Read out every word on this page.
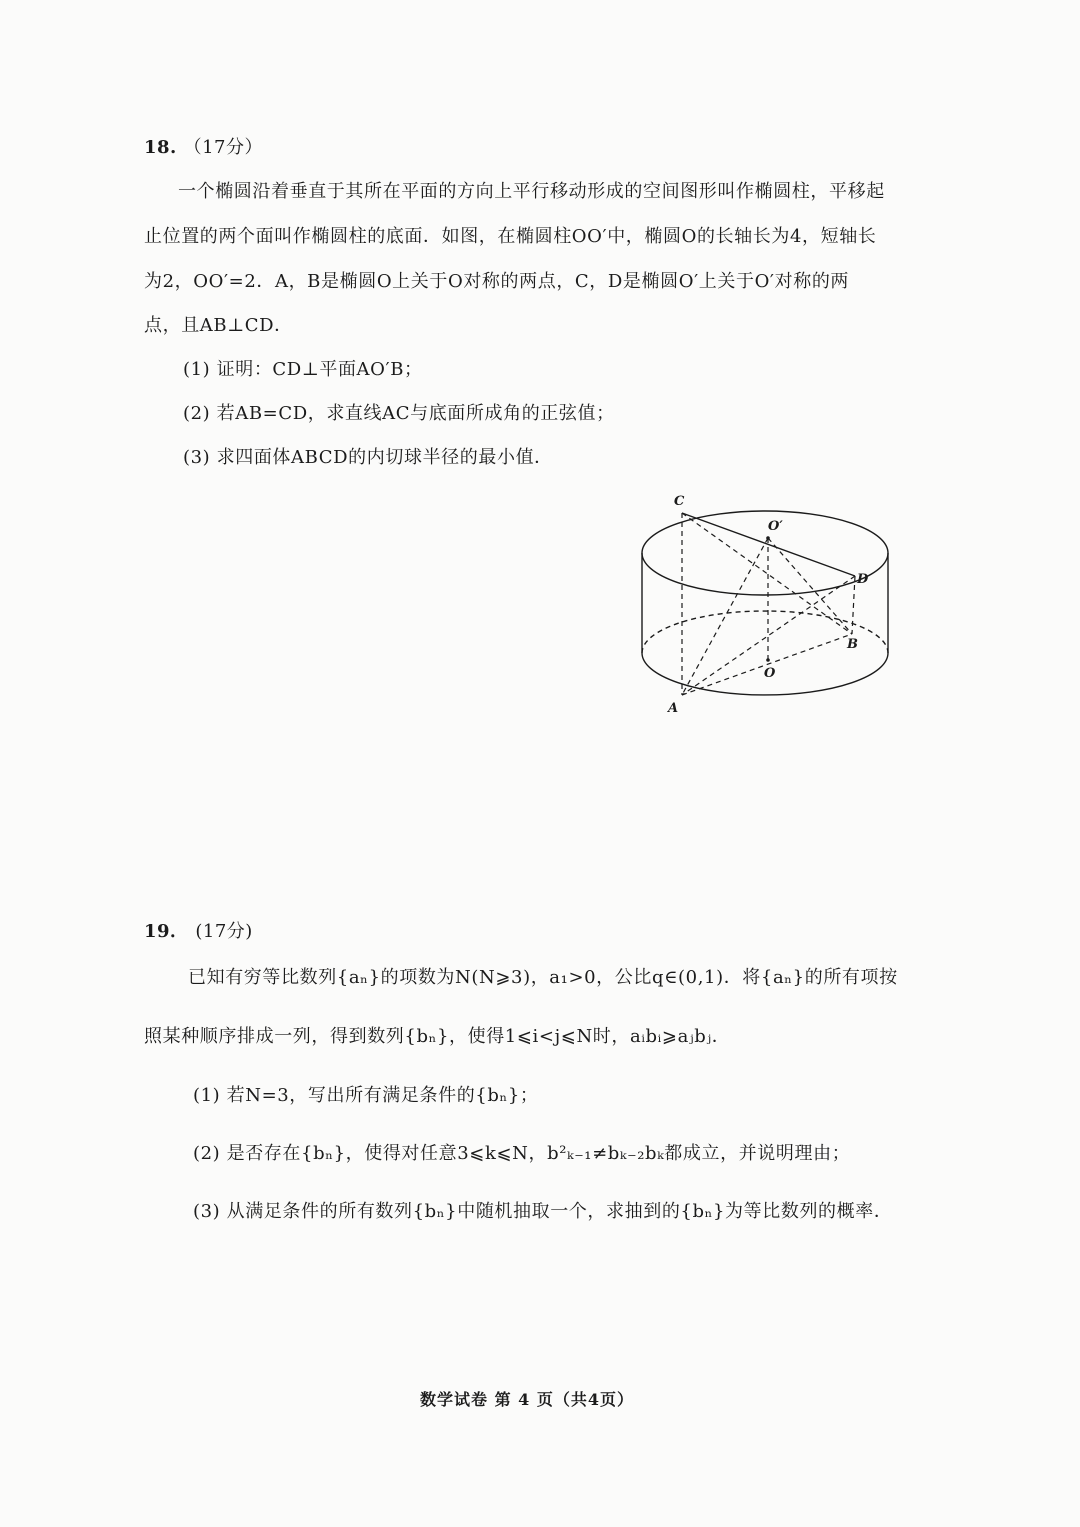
18. （17分）
一个椭圆沿着垂直于其所在平面的方向上平行移动形成的空间图形叫作椭圆柱，平移起
止位置的两个面叫作椭圆柱的底面．如图，在椭圆柱OO′中，椭圆O的长轴长为4，短轴长
为2，OO′=2．A，B是椭圆O上关于O对称的两点，C，D是椭圆O′上关于O′对称的两
点，且AB⊥CD．
(1) 证明：CD⊥平面AO′B；
(2) 若AB=CD，求直线AC与底面所成角的正弦值；
(3) 求四面体ABCD的内切球半径的最小值．
C
O′
D
B
O
A
19． (17分)
已知有穷等比数列{aₙ}的项数为N(N⩾3)，a₁>0，公比q∈(0,1)．将{aₙ}的所有项按
照某种顺序排成一列，得到数列{bₙ}，使得1⩽i<j⩽N时，aᵢbᵢ⩾aⱼbⱼ．
(1) 若N=3，写出所有满足条件的{bₙ}；
(2) 是否存在{bₙ}，使得对任意3⩽k⩽N，b²ₖ₋₁≠bₖ₋₂bₖ都成立，并说明理由；
(3) 从满足条件的所有数列{bₙ}中随机抽取一个，求抽到的{bₙ}为等比数列的概率．
数学试卷 第 4 页（共4页）
